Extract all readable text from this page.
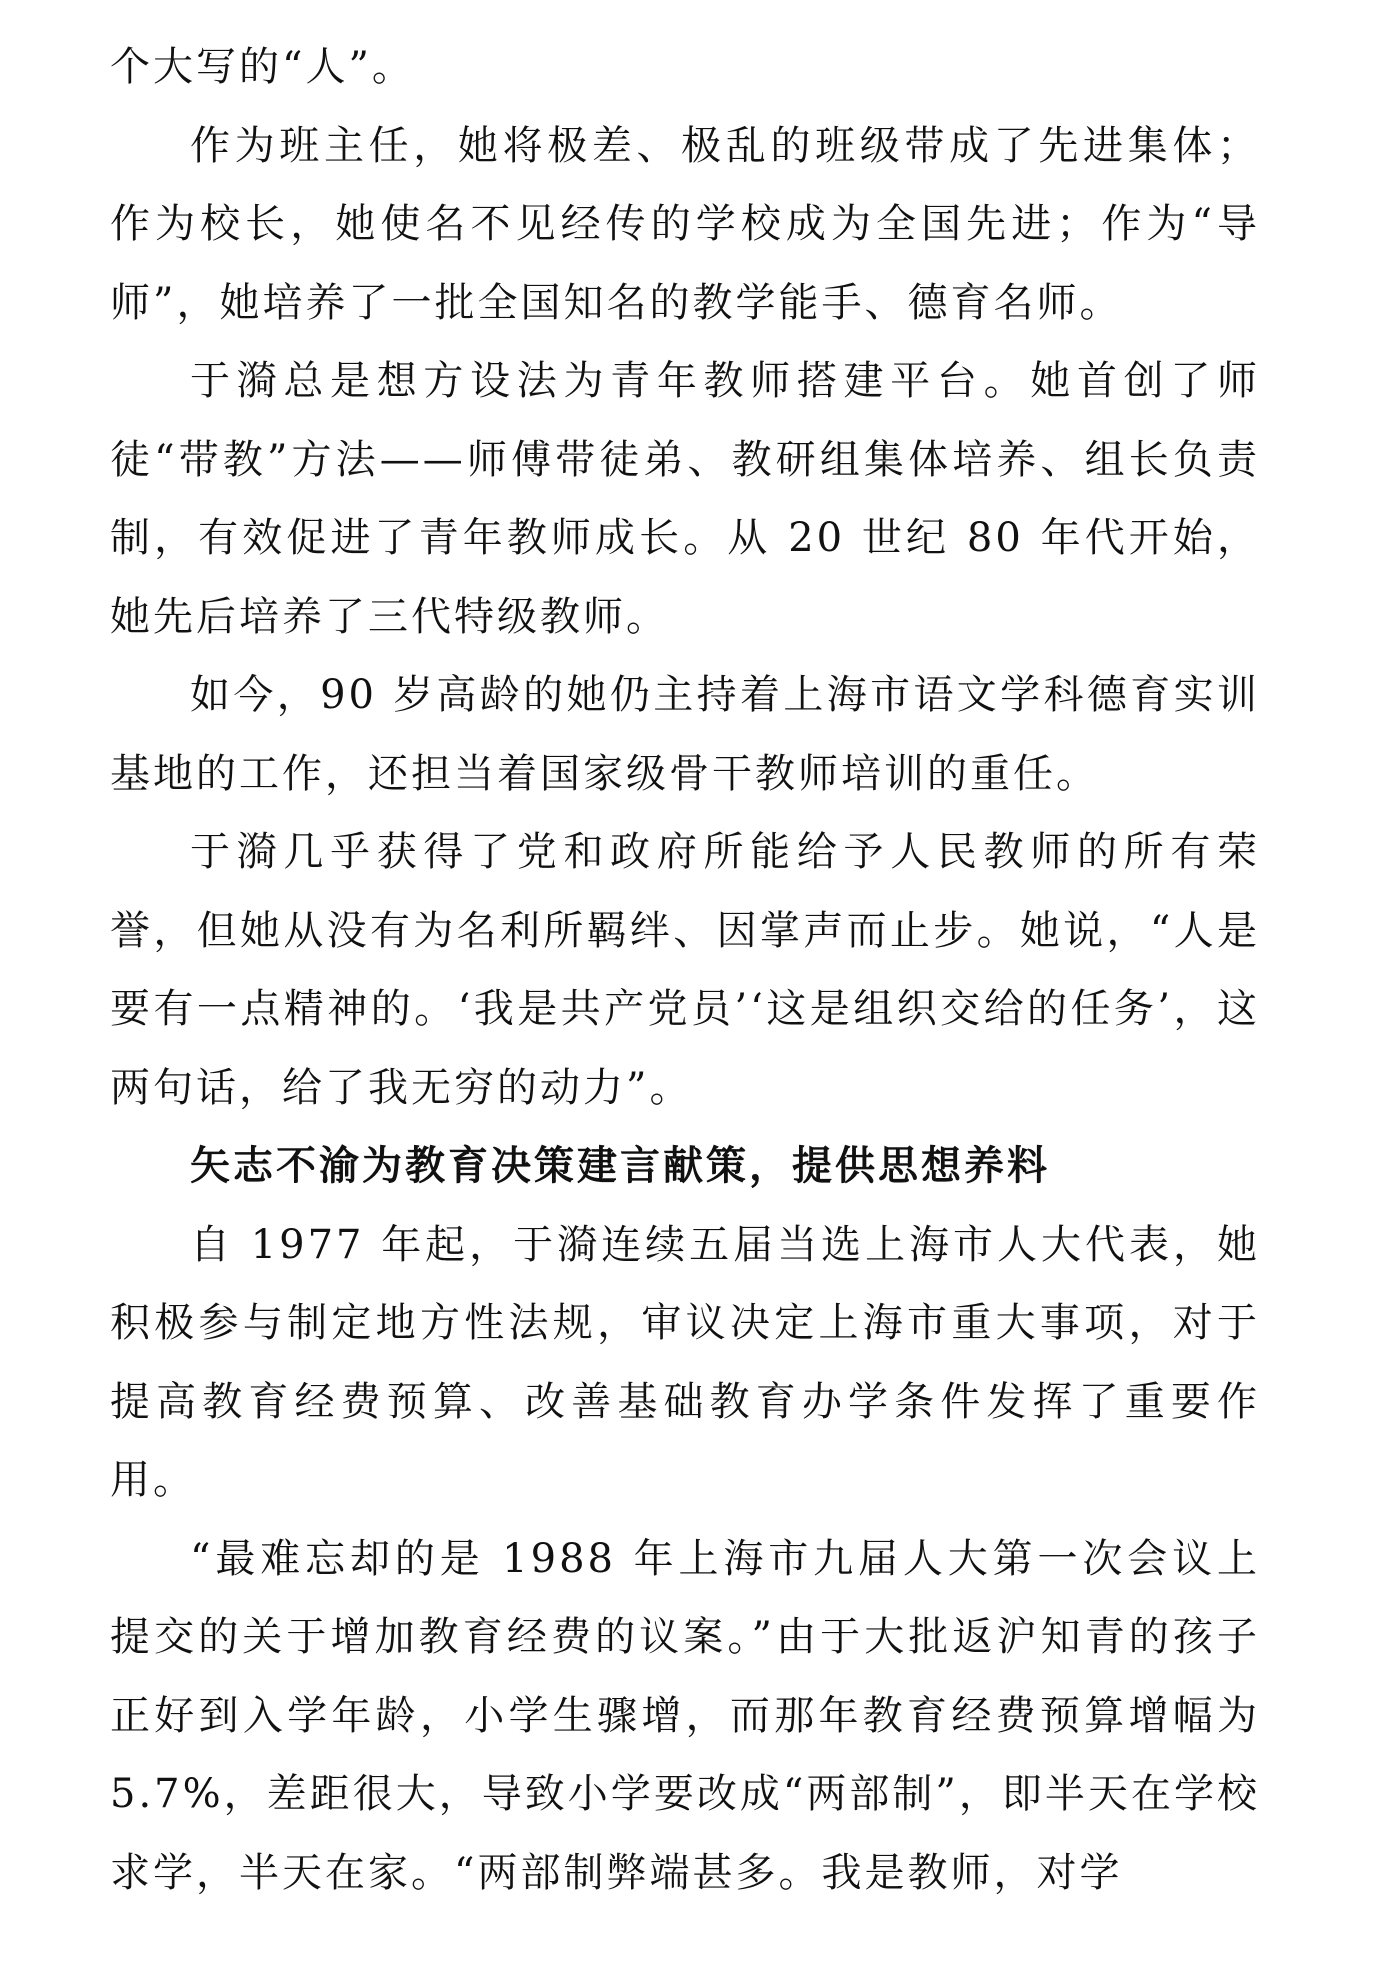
个大写的“人”。

作为班主任，她将极差、极乱的班级带成了先进集体；作为校长，她使名不见经传的学校成为全国先进；作为“导师”，她培养了一批全国知名的教学能手、德育名师。

于漪总是想方设法为青年教师搭建平台。她首创了师徒“带教”方法——师傅带徒弟、教研组集体培养、组长负责制，有效促进了青年教师成长。从 20 世纪 80 年代开始，她先后培养了三代特级教师。

如今，90 岁高龄的她仍主持着上海市语文学科德育实训基地的工作，还担当着国家级骨干教师培训的重任。

于漪几乎获得了党和政府所能给予人民教师的所有荣誉，但她从没有为名利所羁绊、因掌声而止步。她说，“人是要有一点精神的。‘我是共产党员’‘这是组织交给的任务’，这两句话，给了我无穷的动力”。

矢志不渝为教育决策建言献策，提供思想养料

自 1977 年起，于漪连续五届当选上海市人大代表，她积极参与制定地方性法规，审议决定上海市重大事项，对于提高教育经费预算、改善基础教育办学条件发挥了重要作用。

“最难忘却的是 1988 年上海市九届人大第一次会议上提交的关于增加教育经费的议案。”由于大批返沪知青的孩子正好到入学年龄，小学生骤增，而那年教育经费预算增幅为 5.7%，差距很大，导致小学要改成“两部制”，即半天在学校求学，半天在家。“两部制弊端甚多。我是教师，对学
